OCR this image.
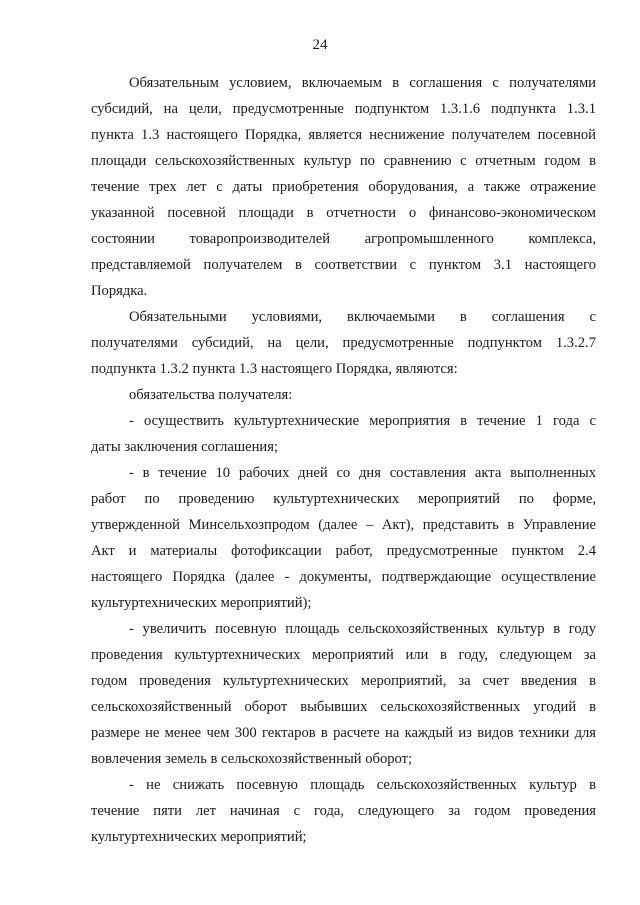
24
Обязательным условием, включаемым в соглашения с получателями
субсидий, на цели, предусмотренные подпунктом 1.3.1.6 подпункта 1.3.1
пункта 1.3 настоящего Порядка, является неснижение получателем посевной
площади сельскохозяйственных культур по сравнению с отчетным годом в
течение трех лет с даты приобретения оборудования, а также отражение
указанной посевной площади в отчетности о финансово-экономическом
состоянии товаропроизводителей агропромышленного комплекса,
представляемой получателем в соответствии с пунктом 3.1 настоящего
Порядка.
Обязательными условиями, включаемыми в соглашения с
получателями субсидий, на цели, предусмотренные подпунктом 1.3.2.7
подпункта 1.3.2 пункта 1.3 настоящего Порядка, являются:
обязательства получателя:
- осуществить культуртехнические мероприятия в течение 1 года с
даты заключения соглашения;
- в течение 10 рабочих дней со дня составления акта выполненных
работ по проведению культуртехнических мероприятий по форме,
утвержденной Минсельхозпродом (далее – Акт), представить в Управление
Акт и материалы фотофиксации работ, предусмотренные пунктом 2.4
настоящего Порядка (далее - документы, подтверждающие осуществление
культуртехнических мероприятий);
- увеличить посевную площадь сельскохозяйственных культур в году
проведения культуртехнических мероприятий или в году, следующем за
годом проведения культуртехнических мероприятий, за счет введения в
сельскохозяйственный оборот выбывших сельскохозяйственных угодий в
размере не менее чем 300 гектаров в расчете на каждый из видов техники для
вовлечения земель в сельскохозяйственный оборот;
- не снижать посевную площадь сельскохозяйственных культур в
течение пяти лет начиная с года, следующего за годом проведения
культуртехнических мероприятий;
